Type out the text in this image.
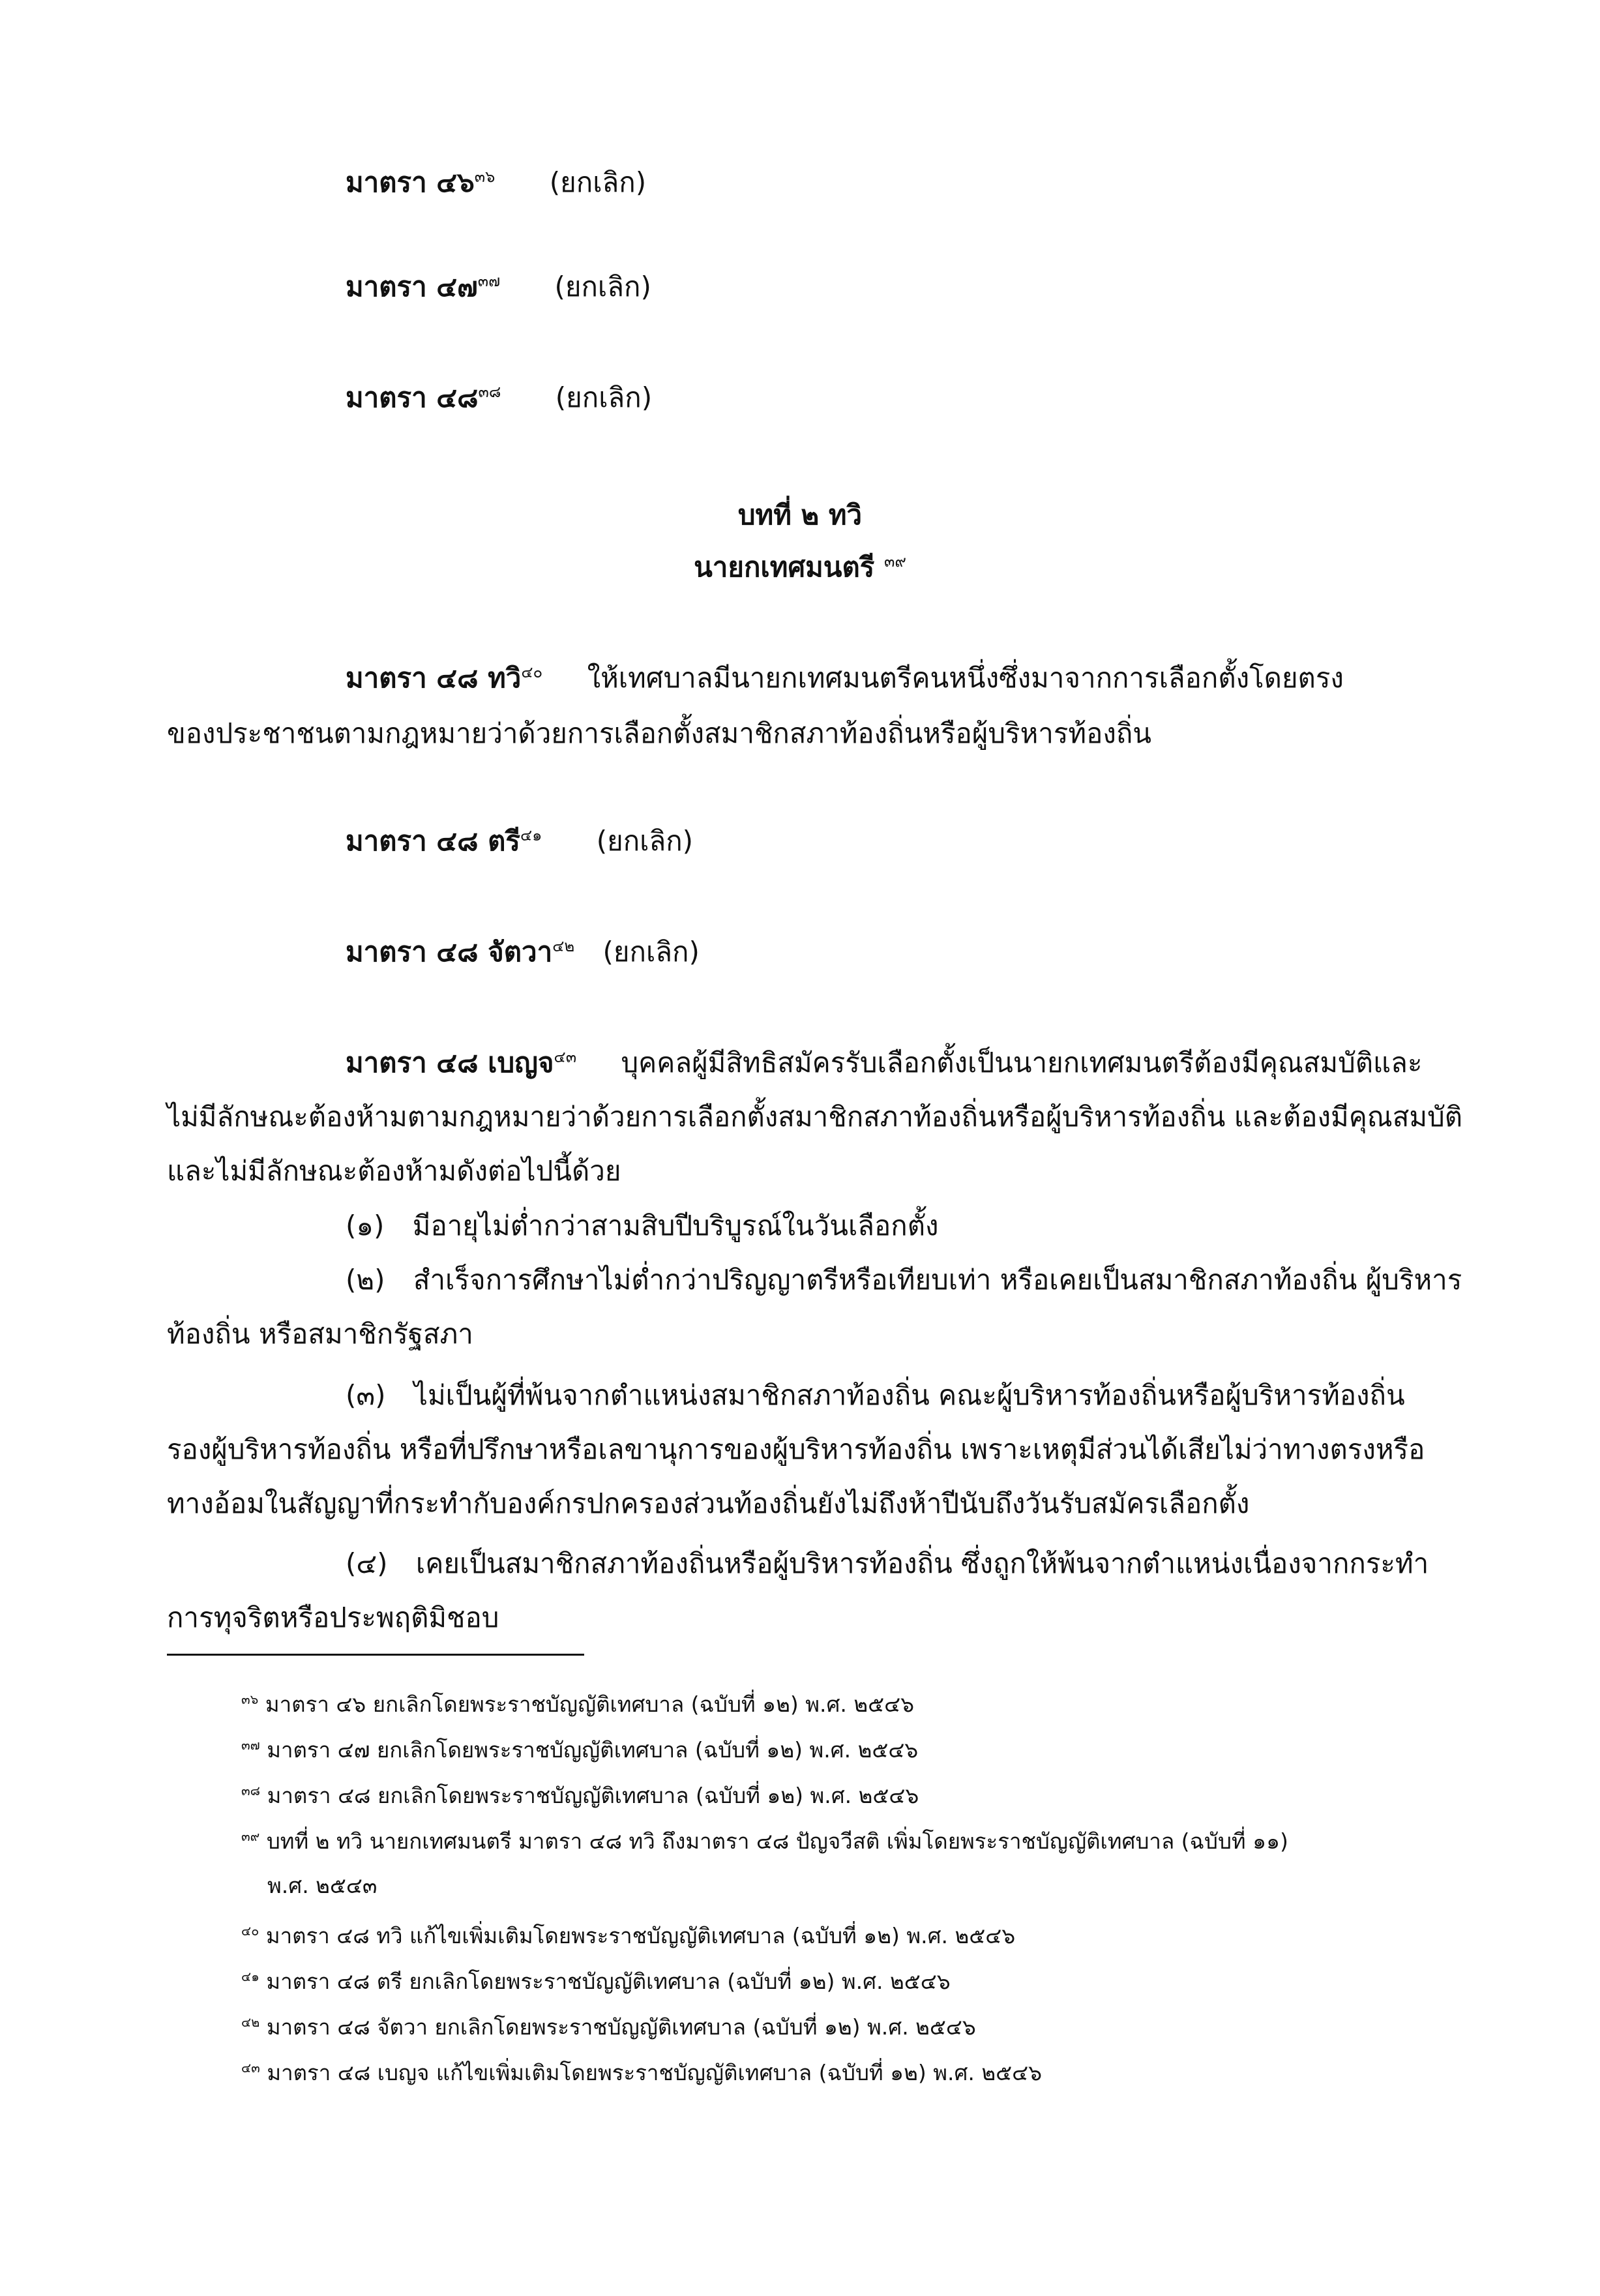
มาตรา ๔๖$^{๓๖}$ (ยกเลิก)
มาตรา ๔๗$^{๓๗}$ (ยกเลิก)
มาตรา ๔๘$^{๓๘}$ (ยกเลิก)
บทที่ ๒ ทวิ
นายกเทศมนตรี $^{๓๙}$
มาตรา ๔๘ ทวิ$^{๔๐}$ ให้เทศบาลมีนายกเทศมนตรีคนหนึ่งซึ่งมาจากการเลือกตั้งโดยตรง
ของประชาชนตามกฎหมายว่าด้วยการเลือกตั้งสมาชิกสภาท้องถิ่นหรือผู้บริหารท้องถิ่น
มาตรา ๔๘ ตรี$^{๔๑}$ (ยกเลิก)
มาตรา ๔๘ จัตวา$^{๔๒}$ (ยกเลิก)
มาตรา ๔๘ เบญจ$^{๔๓}$ บุคคลผู้มีสิทธิสมัครรับเลือกตั้งเป็นนายกเทศมนตรีต้องมีคุณสมบัติและ
ไม่มีลักษณะต้องห้ามตามกฎหมายว่าด้วยการเลือกตั้งสมาชิกสภาท้องถิ่นหรือผู้บริหารท้องถิ่น และต้องมีคุณสมบัติ
และไม่มีลักษณะต้องห้ามดังต่อไปนี้ด้วย
(๑) มีอายุไม่ต่ำกว่าสามสิบปีบริบูรณ์ในวันเลือกตั้ง
(๒) สำเร็จการศึกษาไม่ต่ำกว่าปริญญาตรีหรือเทียบเท่า หรือเคยเป็นสมาชิกสภาท้องถิ่น ผู้บริหาร
ท้องถิ่น หรือสมาชิกรัฐสภา
(๓) ไม่เป็นผู้ที่พ้นจากตำแหน่งสมาชิกสภาท้องถิ่น คณะผู้บริหารท้องถิ่นหรือผู้บริหารท้องถิ่น
รองผู้บริหารท้องถิ่น หรือที่ปรึกษาหรือเลขานุการของผู้บริหารท้องถิ่น เพราะเหตุมีส่วนได้เสียไม่ว่าทางตรงหรือ
ทางอ้อมในสัญญาที่กระทำกับองค์กรปกครองส่วนท้องถิ่นยังไม่ถึงห้าปีนับถึงวันรับสมัครเลือกตั้ง
(๔) เคยเป็นสมาชิกสภาท้องถิ่นหรือผู้บริหารท้องถิ่น ซึ่งถูกให้พ้นจากตำแหน่งเนื่องจากกระทำ
การทุจริตหรือประพฤติมิชอบ
$^{๓๖}$ มาตรา ๔๖ ยกเลิกโดยพระราชบัญญัติเทศบาล (ฉบับที่ ๑๒) พ.ศ. ๒๕๔๖
$^{๓๗}$ มาตรา ๔๗ ยกเลิกโดยพระราชบัญญัติเทศบาล (ฉบับที่ ๑๒) พ.ศ. ๒๕๔๖
$^{๓๘}$ มาตรา ๔๘ ยกเลิกโดยพระราชบัญญัติเทศบาล (ฉบับที่ ๑๒) พ.ศ. ๒๕๔๖
$^{๓๙}$ บทที่ ๒ ทวิ นายกเทศมนตรี มาตรา ๔๘ ทวิ ถึงมาตรา ๔๘ ปัญจวีสติ เพิ่มโดยพระราชบัญญัติเทศบาล (ฉบับที่ ๑๑)
พ.ศ. ๒๕๔๓
$^{๔๐}$ มาตรา ๔๘ ทวิ แก้ไขเพิ่มเติมโดยพระราชบัญญัติเทศบาล (ฉบับที่ ๑๒) พ.ศ. ๒๕๔๖
$^{๔๑}$ มาตรา ๔๘ ตรี ยกเลิกโดยพระราชบัญญัติเทศบาล (ฉบับที่ ๑๒) พ.ศ. ๒๕๔๖
$^{๔๒}$ มาตรา ๔๘ จัตวา ยกเลิกโดยพระราชบัญญัติเทศบาล (ฉบับที่ ๑๒) พ.ศ. ๒๕๔๖
$^{๔๓}$ มาตรา ๔๘ เบญจ แก้ไขเพิ่มเติมโดยพระราชบัญญัติเทศบาล (ฉบับที่ ๑๒) พ.ศ. ๒๕๔๖
